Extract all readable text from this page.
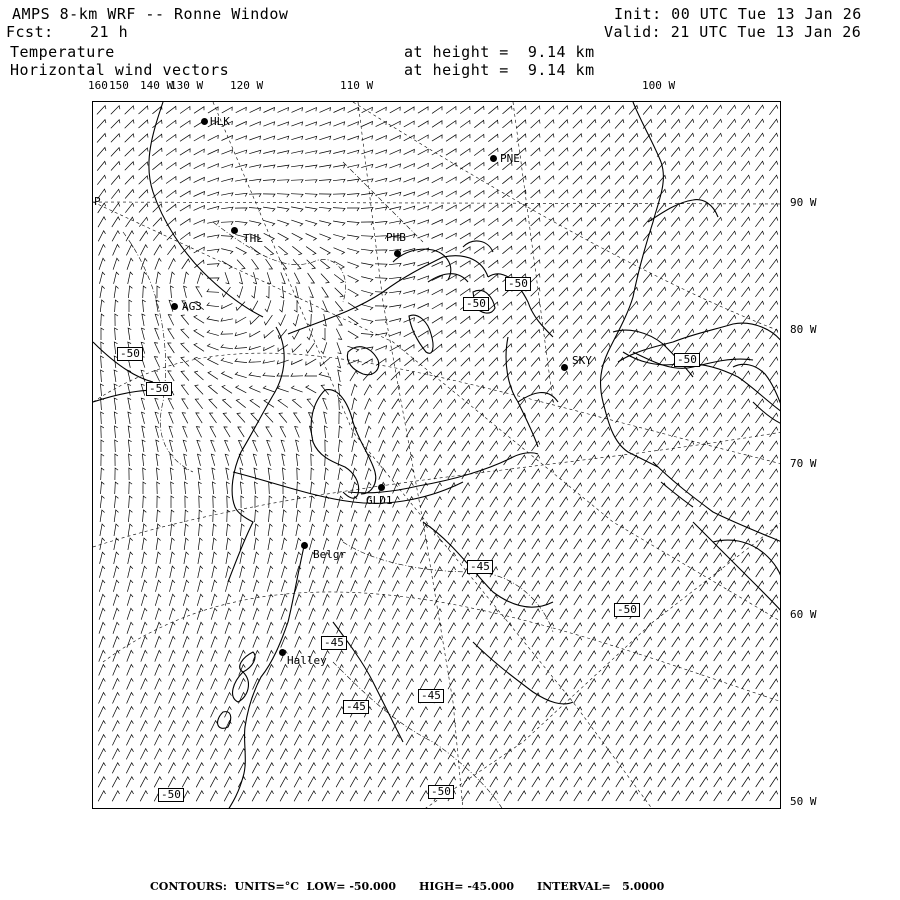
AMPS 8-km WRF -- Ronne Window
Fcst: 21 h
Init: 00 UTC Tue 13 Jan 26
Valid: 21 UTC Tue 13 Jan 26
Temperature	at height =  9.14 km
Horizontal wind vectors	at height =  9.14 km
160 150 140 W
130 W 120 W	110 W	100 W
90 W
80 W
70 W
60 W
50 W
P
HLK
PNE
THL	PHB
AG3
SKY
GLD1
Belgr
Halley
-50
-50
-50
-50
-50
-45
-50
-45
-45
-45
-50
-50
CONTOURS:  UNITS=°C  LOW= -50.000      HIGH= -45.000      INTERVAL=   5.0000
